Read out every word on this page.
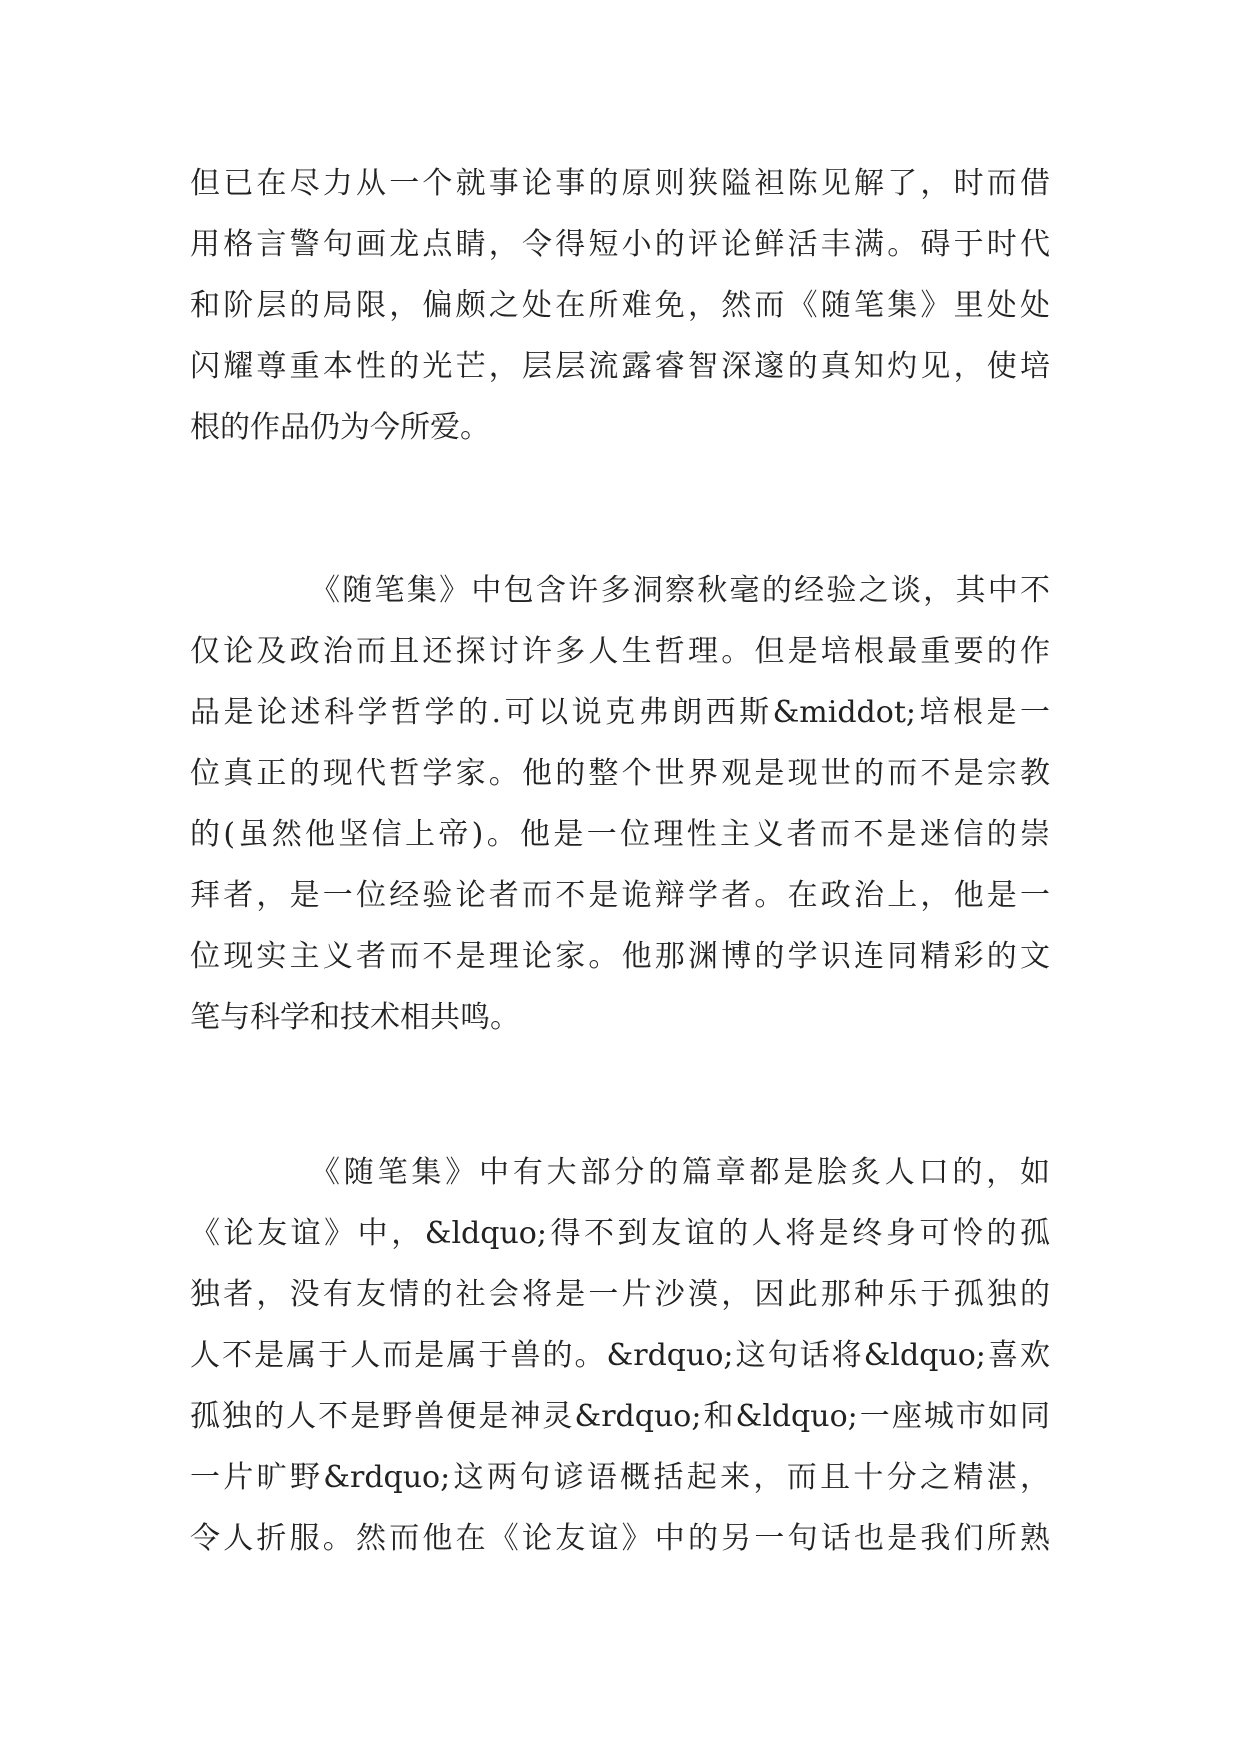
但已在尽力从一个就事论事的原则狭隘袒陈见解了，时而借
用格言警句画龙点睛，令得短小的评论鲜活丰满。碍于时代
和阶层的局限，偏颇之处在所难免，然而《随笔集》里处处
闪耀尊重本性的光芒，层层流露睿智深邃的真知灼见，使培
根的作品仍为今所爱。
《随笔集》中包含许多洞察秋毫的经验之谈，其中不
仅论及政治而且还探讨许多人生哲理。但是培根最重要的作
品是论述科学哲学的.可以说克弗朗西斯&middot;培根是一
位真正的现代哲学家。他的整个世界观是现世的而不是宗教
的(虽然他坚信上帝)。他是一位理性主义者而不是迷信的崇
拜者，是一位经验论者而不是诡辩学者。在政治上，他是一
位现实主义者而不是理论家。他那渊博的学识连同精彩的文
笔与科学和技术相共鸣。
《随笔集》中有大部分的篇章都是脍炙人口的，如
《论友谊》中，&ldquo;得不到友谊的人将是终身可怜的孤
独者，没有友情的社会将是一片沙漠，因此那种乐于孤独的
人不是属于人而是属于兽的。&rdquo;这句话将&ldquo;喜欢
孤独的人不是野兽便是神灵&rdquo;和&ldquo;一座城市如同
一片旷野&rdquo;这两句谚语概括起来，而且十分之精湛，
令人折服。然而他在《论友谊》中的另一句话也是我们所熟
